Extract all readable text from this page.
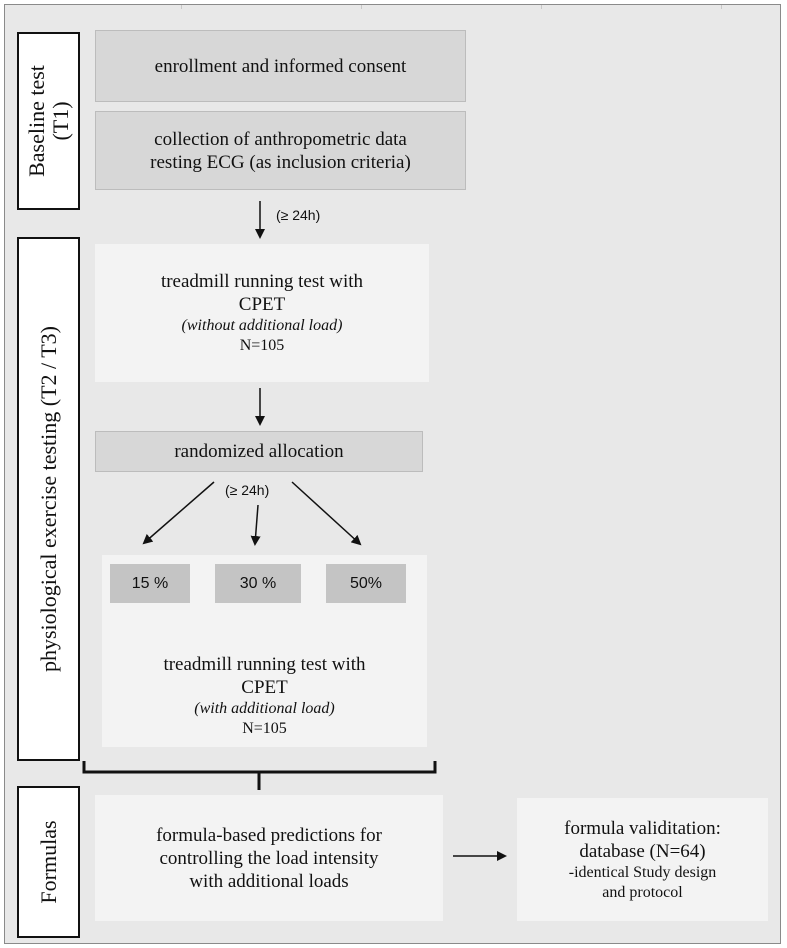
Baseline test (T1)
physiological exercise testing (T2 / T3)
Formulas
enrollment and informed consent
collection of anthropometric data
resting ECG (as inclusion criteria)
(≥ 24h)
treadmill running test with
CPET
(without additional load)
N=105
randomized allocation
(≥ 24h)
treadmill running test with
CPET
(with additional load)
N=105
15 %	30 %	50%
formula-based predictions for
controlling the load intensity
with additional loads
formula validitation:
database (N=64)
-identical Study design
and protocol
